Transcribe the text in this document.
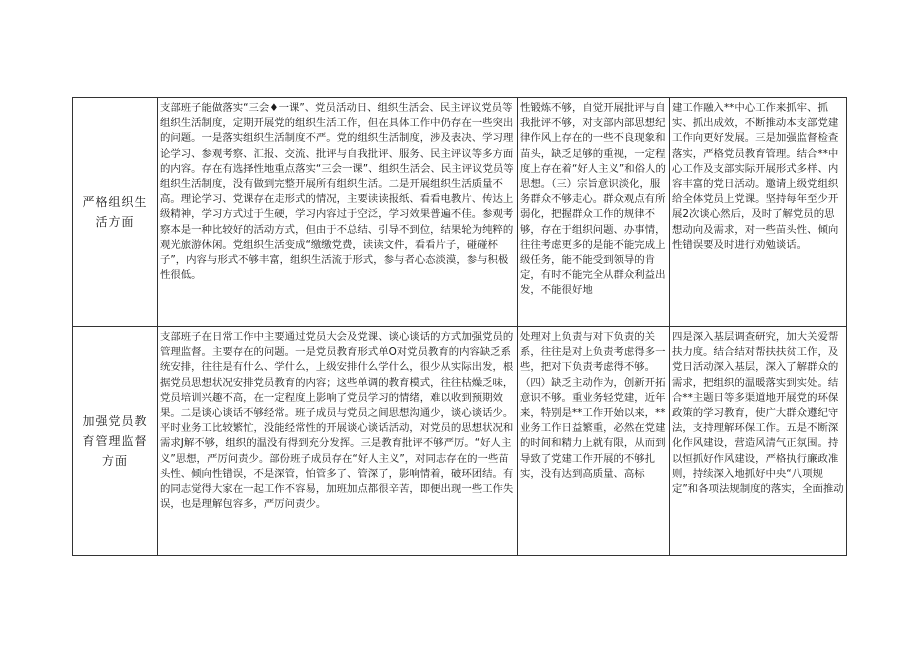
严格组织生活方面	支部班子能做落实“三会♦一课”、党员活动日、组织生活会、民主评议党员等组织生活制度，定期开展党的组织生活工作，但在具体工作中仍存在一些突出的问题。一是落实组织生活制度不严。党的组织生活制度，涉及表决、学习理论学习、参观考察、汇报、交流、批评与自我批评、服务、民主评议等多方面的内容。存在有选择性地重点落实“三会一课”、组织生活会、民主评议党员等组织生活制度，没有做到完整开展所有组织生活。二是开展组织生活质量不高。理论学习、党课存在走形式的情况，主要读读报纸、看看电教片、传达上级精神，学习方式过于生硬，学习内容过于空泛，学习效果普遍不佳。参观考察本是一种比较好的活动方式，但由于不总结、引导不到位，结果轮为纯粹的观光旅游休闲。党组织生活变成“缴缴党费，读读文件，看看片子，碰碰杯子”，内容与形式不够丰富，组织生活流于形式，参与者心态淡漠，参与积极性很低。	性锻炼不够，自觉开展批评与自我批评不够，对支部内部思想纪律作风上存在的一些不良现象和苗头，缺乏足够的重视，一定程度上存在着“好人主义”和俗人的思想。（三）宗旨意识淡化，服务群众不够走心。群众观点有所弱化，把握群众工作的规律不够，存在于组织问题、办事情，往往考虑更多的是能不能完成上级任务，能不能受到领导的肯定，有时不能完全从群众利益出发，不能很好地	建工作融入**中心工作来抓牢、抓实、抓出成效，不断推动本支部党建工作向更好发展。三是加强监督检查落实，严格党员教育管理。结合**中心工作及支部实际开展形式多样、内容丰富的党日活动。邀请上级党组织给全体党员上党课。坚持每年至少开展2次谈心然后，及时了解党员的思想动向及需求，对一些苗头性、倾向性错误要及时进行劝勉谈话。

加强党员教育管理监督方面	支部班子在日常工作中主要通过党员大会及党课、谈心谈话的方式加强党员的管理监督。主要存在的问题。一是党员教育形式单O对党员教育的内容缺乏系统安排，往往是有什么、学什么，上级安排什么学什么，很少从实际出发，根据党员思想状况安排党员教育的内容；这些单调的教育模式，往往枯燥乏味，党员培训兴趣不高，在一定程度上影响了党员学习的情绪，难以收到预期效果。二是谈心谈话不够经常。班子成员与党员之间思想沟通少，谈心谈话少。平时业务工比较繁忙，没能经常性的开展谈心谈话活动，对党员的思想状况和需求J解不够，组织的温没有得到充分发挥。三是教育批评不够严厉。“好人主义”思想，严厉问责少。部份班子成员存在“好人主义”，对同志存在的一些苗头性、倾向性错误，不是深管，怕管多了、管深了，影响情着，破环团结。有的同志觉得大家在一起工作不容易，加班加点都很辛苦，即便出现一些工作失误，也是理解包容多，严厉问责少。	处理对上负责与对下负责的关系，往往是对上负责考虑得多一些，把对下负责考虑得不够。（四）缺乏主动作为，创新开拓意识不够。重业务轻党建，近年来，特别是**工作开始以来，**业务工作日益繁重，必然在党建的时间和精力上就有限，从而到导致了党建工作开展的不够扎实，没有达到高质量、高标	四是深入基层调查研究，加大关爱帮扶力度。结合结对帮扶扶贫工作，及党日活动深入基层，深入了解群众的需求，把组织的温暖落实到实处。结合**主题日等多渠道地开展党的环保政策的学习教育，使广大群众遵纪守法，支持理解环保工作。五是不断深化作风建设，营造风清气正氛围。持以恒抓好作风建设，严格执行廉政准则，持续深入地抓好中央“八项规定”和各项法规制度的落实，全面推动
